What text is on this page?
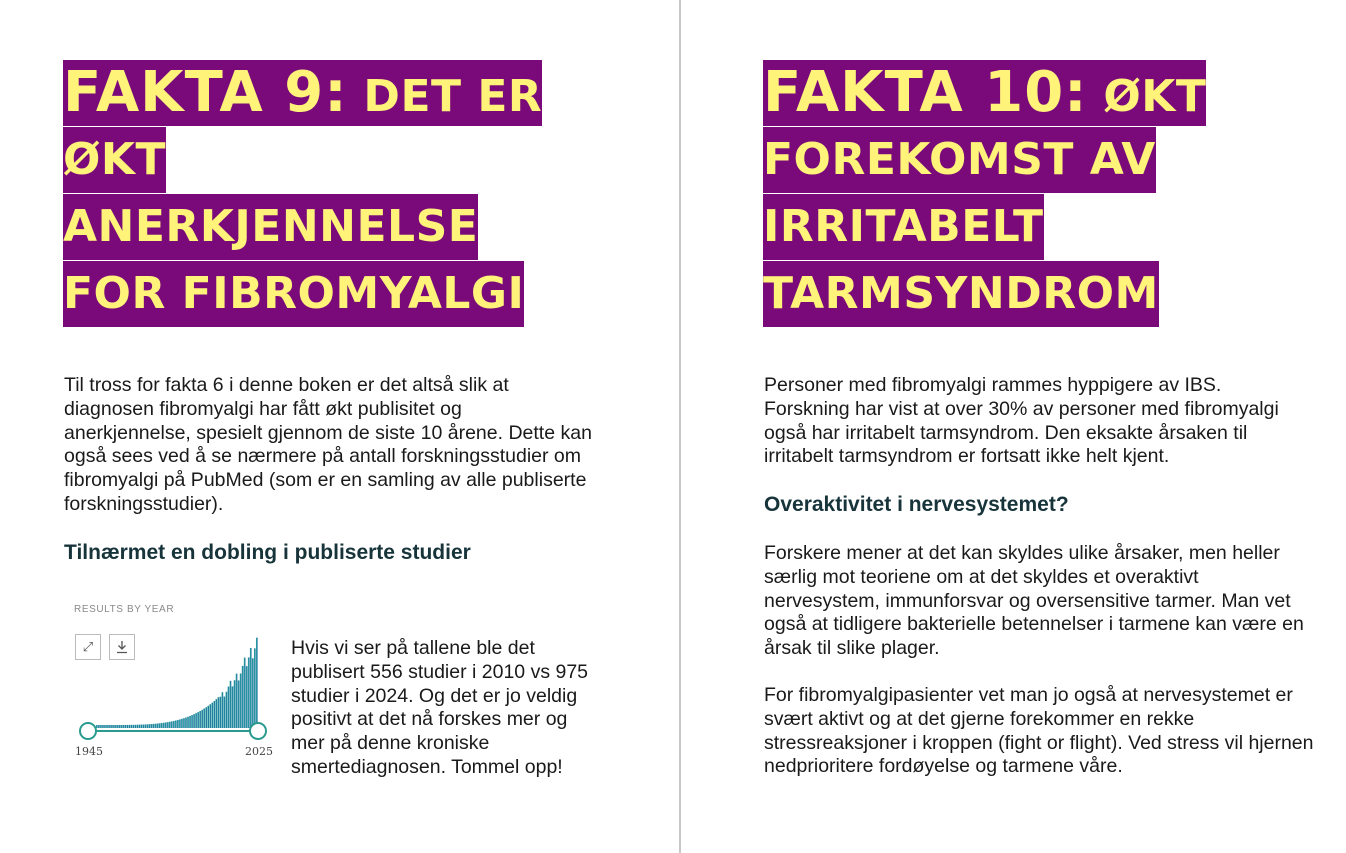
FAKTA 9: DET ER
ØKT
ANERKJENNELSE
FOR FIBROMYALGI

Til tross for fakta 6 i denne boken er det altså slik at diagnosen fibromyalgi har fått økt publisitet og anerkjennelse, spesielt gjennom de siste 10 årene. Dette kan også sees ved å se nærmere på antall forskningsstudier om fibromyalgi på PubMed (som er en samling av alle publiserte forskningsstudier).

Tilnærmet en dobling i publiserte studier
RESULTS BY YEAR
⤢
1945	2025

Hvis vi ser på tallene ble det publisert 556 studier i 2010 vs 975 studier i 2024. Og det er jo veldig positivt at det nå forskes mer og mer på denne kroniske smertediagnosen. Tommel opp!

FAKTA 10: ØKT
FOREKOMST AV
IRRITABELT
TARMSYNDROM

Personer med fibromyalgi rammes hyppigere av IBS. Forskning har vist at over 30% av personer med fibromyalgi også har irritabelt tarmsyndrom. Den eksakte årsaken til irritabelt tarmsyndrom er fortsatt ikke helt kjent.

Overaktivitet i nervesystemet?

Forskere mener at det kan skyldes ulike årsaker, men heller særlig mot teoriene om at det skyldes et overaktivt nervesystem, immunforsvar og oversensitive tarmer. Man vet også at tidligere bakterielle betennelser i tarmene kan være en årsak til slike plager.

For fibromyalgipasienter vet man jo også at nervesystemet er svært aktivt og at det gjerne forekommer en rekke stressreaksjoner i kroppen (fight or flight). Ved stress vil hjernen nedprioritere fordøyelse og tarmene våre.
